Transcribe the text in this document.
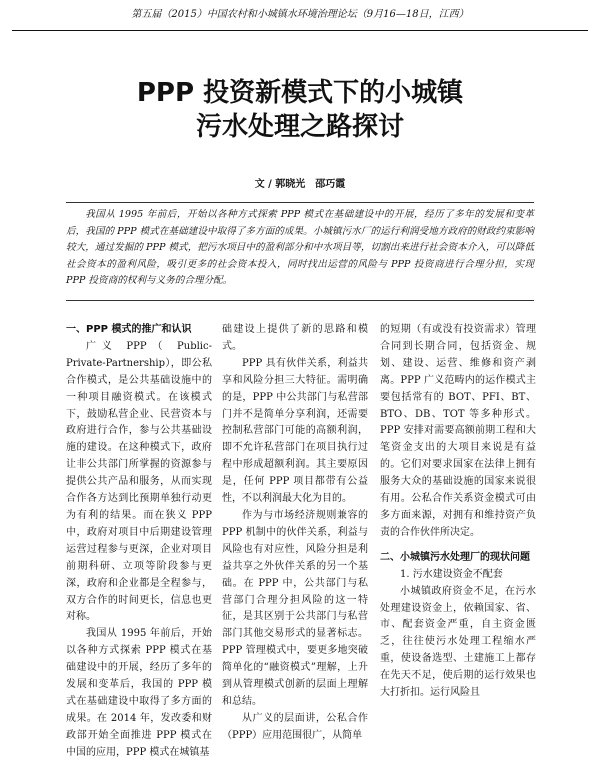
第五届（2015）中国农村和小城镇水环境治理论坛（9月16—18日，江西）
PPP 投资新模式下的小城镇
污水处理之路探讨
文 / 郭晓光　邵巧霞

我国从 1995 年前后，开始以各种方式探索 PPP 模式在基础建设中的开展，经历了多年的发展和变革后，我国的 PPP 模式在基础建设中取得了多方面的成果。小城镇污水厂的运行利润受地方政府的财政约束影响较大，通过发掘的 PPP 模式，把污水项目中的盈利部分和中水项目等，切割出来进行社会资本介入，可以降低社会资本的盈利风险，吸引更多的社会资本投入，同时找出运营的风险与 PPP 投资商进行合理分担，实现 PPP 投资商的权利与义务的合理分配。

一、PPP 模式的推广和认识

广义 PPP（ Public-Private-Partnership），即公私合作模式，是公共基础设施中的一种项目融资模式。在该模式下，鼓励私营企业、民营资本与政府进行合作，参与公共基础设施的建设。在这种模式下，政府让非公共部门所掌握的资源参与提供公共产品和服务，从而实现合作各方达到比预期单独行动更为有利的结果。而在狭义 PPP 中，政府对项目中后期建设管理运营过程参与更深，企业对项目前期科研、立项等阶段参与更深，政府和企业都是全程参与，双方合作的时间更长，信息也更对称。

我国从 1995 年前后，开始以各种方式探索 PPP 模式在基础建设中的开展，经历了多年的发展和变革后，我国的 PPP 模式在基础建设中取得了多方面的成果。在 2014 年，发改委和财政部开始全面推进 PPP 模式在中国的应用，PPP 模式在城镇基

础建设上提供了新的思路和模式。

PPP 具有伙伴关系，利益共享和风险分担三大特征。需明确的是，PPP 中公共部门与私营部门并不是简单分享利润，还需要控制私营部门可能的高额利润，即不允许私营部门在项目执行过程中形成超额利润。其主要原因是，任何 PPP 项目都带有公益性，不以利润最大化为目的。

作为与市场经济规则兼容的 PPP 机制中的伙伴关系，利益与风险也有对应性，风险分担是利益共享之外伙伴关系的另一个基础。在 PPP 中，公共部门与私营部门合理分担风险的这一特征，是其区别于公共部门与私营部门其他交易形式的显著标志。PPP 管理模式中，要更多地突破简单化的“融资模式”理解，上升到从管理模式创新的层面上理解和总结。

从广义的层面讲，公私合作（PPP）应用范围很广，从简单

的短期（有或没有投资需求）管理合同到长期合同，包括资金、规划、建设、运营、维修和资产剥离。PPP 广义范畴内的运作模式主要包括常有的 BOT、PFI、BT、BTO、DB、TOT 等多种形式。PPP 安排对需要高额前期工程和大笔资金支出的大项目来说是有益的。它们对要求国家在法律上拥有服务大众的基础设施的国家来说很有用。公私合作关系资金模式可由多方面来源，对拥有和维持资产负责的合作伙伴所决定。

二、小城镇污水处理厂的现状问题
1. 污水建设资金不配套

小城镇政府资金不足，在污水处理建设资金上，依赖国家、省、市、配套资金严重，自主资金匮乏，往往使污水处理工程缩水严重，使设备选型、土建施工上都存在先天不足，使后期的运行效果也大打折扣。运行风险且
